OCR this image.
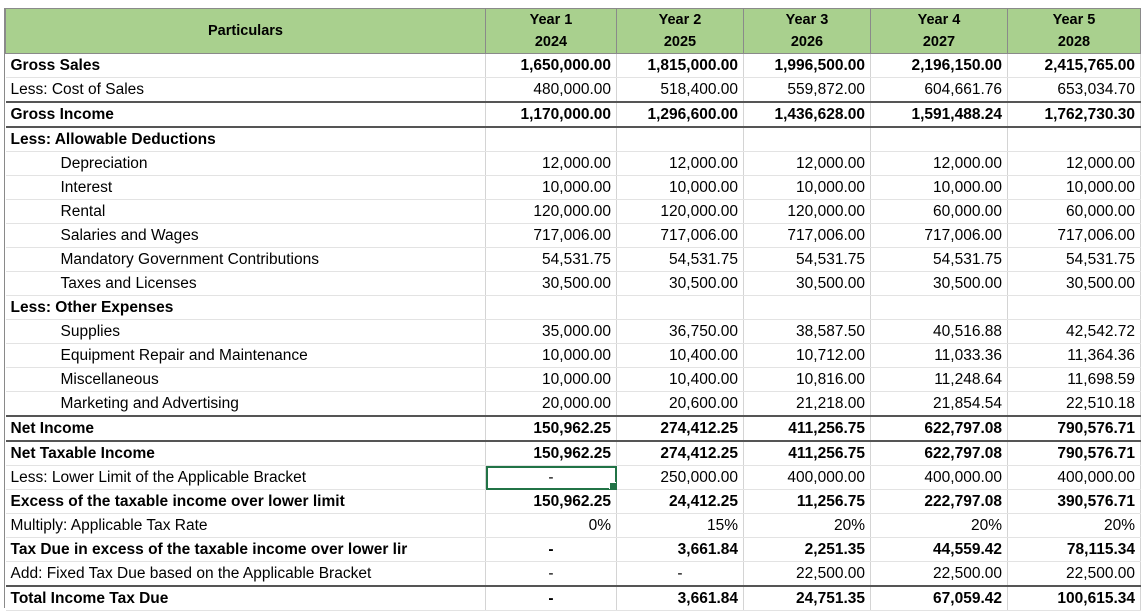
Particulars	Year 1	Year 2	Year 3	Year 4	Year 5
	2024	2025	2026	2027	2028
Gross Sales	1,650,000.00	1,815,000.00	1,996,500.00	2,196,150.00	2,415,765.00
Less: Cost of Sales	480,000.00	518,400.00	559,872.00	604,661.76	653,034.70
Gross Income	1,170,000.00	1,296,600.00	1,436,628.00	1,591,488.24	1,762,730.30
Less: Allowable Deductions					
Depreciation	12,000.00	12,000.00	12,000.00	12,000.00	12,000.00
Interest	10,000.00	10,000.00	10,000.00	10,000.00	10,000.00
Rental	120,000.00	120,000.00	120,000.00	60,000.00	60,000.00
Salaries and Wages	717,006.00	717,006.00	717,006.00	717,006.00	717,006.00
Mandatory Government Contributions	54,531.75	54,531.75	54,531.75	54,531.75	54,531.75
Taxes and Licenses	30,500.00	30,500.00	30,500.00	30,500.00	30,500.00
Less: Other Expenses					
Supplies	35,000.00	36,750.00	38,587.50	40,516.88	42,542.72
Equipment Repair and Maintenance	10,000.00	10,400.00	10,712.00	11,033.36	11,364.36
Miscellaneous	10,000.00	10,400.00	10,816.00	11,248.64	11,698.59
Marketing and Advertising	20,000.00	20,600.00	21,218.00	21,854.54	22,510.18
Net Income	150,962.25	274,412.25	411,256.75	622,797.08	790,576.71
Net Taxable Income	150,962.25	274,412.25	411,256.75	622,797.08	790,576.71
Less: Lower Limit of the Applicable Bracket	-	250,000.00	400,000.00	400,000.00	400,000.00
Excess of the taxable income over lower limit	150,962.25	24,412.25	11,256.75	222,797.08	390,576.71
Multiply: Applicable Tax Rate	0%	15%	20%	20%	20%
Tax Due in excess of the taxable income over lower lir	-	3,661.84	2,251.35	44,559.42	78,115.34
Add: Fixed Tax Due based on the Applicable Bracket	-	-	22,500.00	22,500.00	22,500.00
Total Income Tax Due	-	3,661.84	24,751.35	67,059.42	100,615.34
